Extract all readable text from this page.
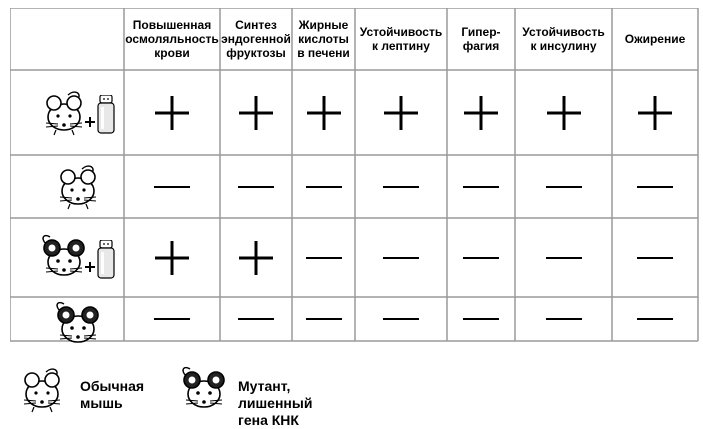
Повышенная
осмоляльность
крови
Синтез
эндогенной
фруктозы
Жирные
кислоты
в печени
Устойчивость
к лептину
Гипер-
фагия
Устойчивость
к инсулину	Ожирение
Обычная
мышь
Мутант,
лишенный гена КНК
